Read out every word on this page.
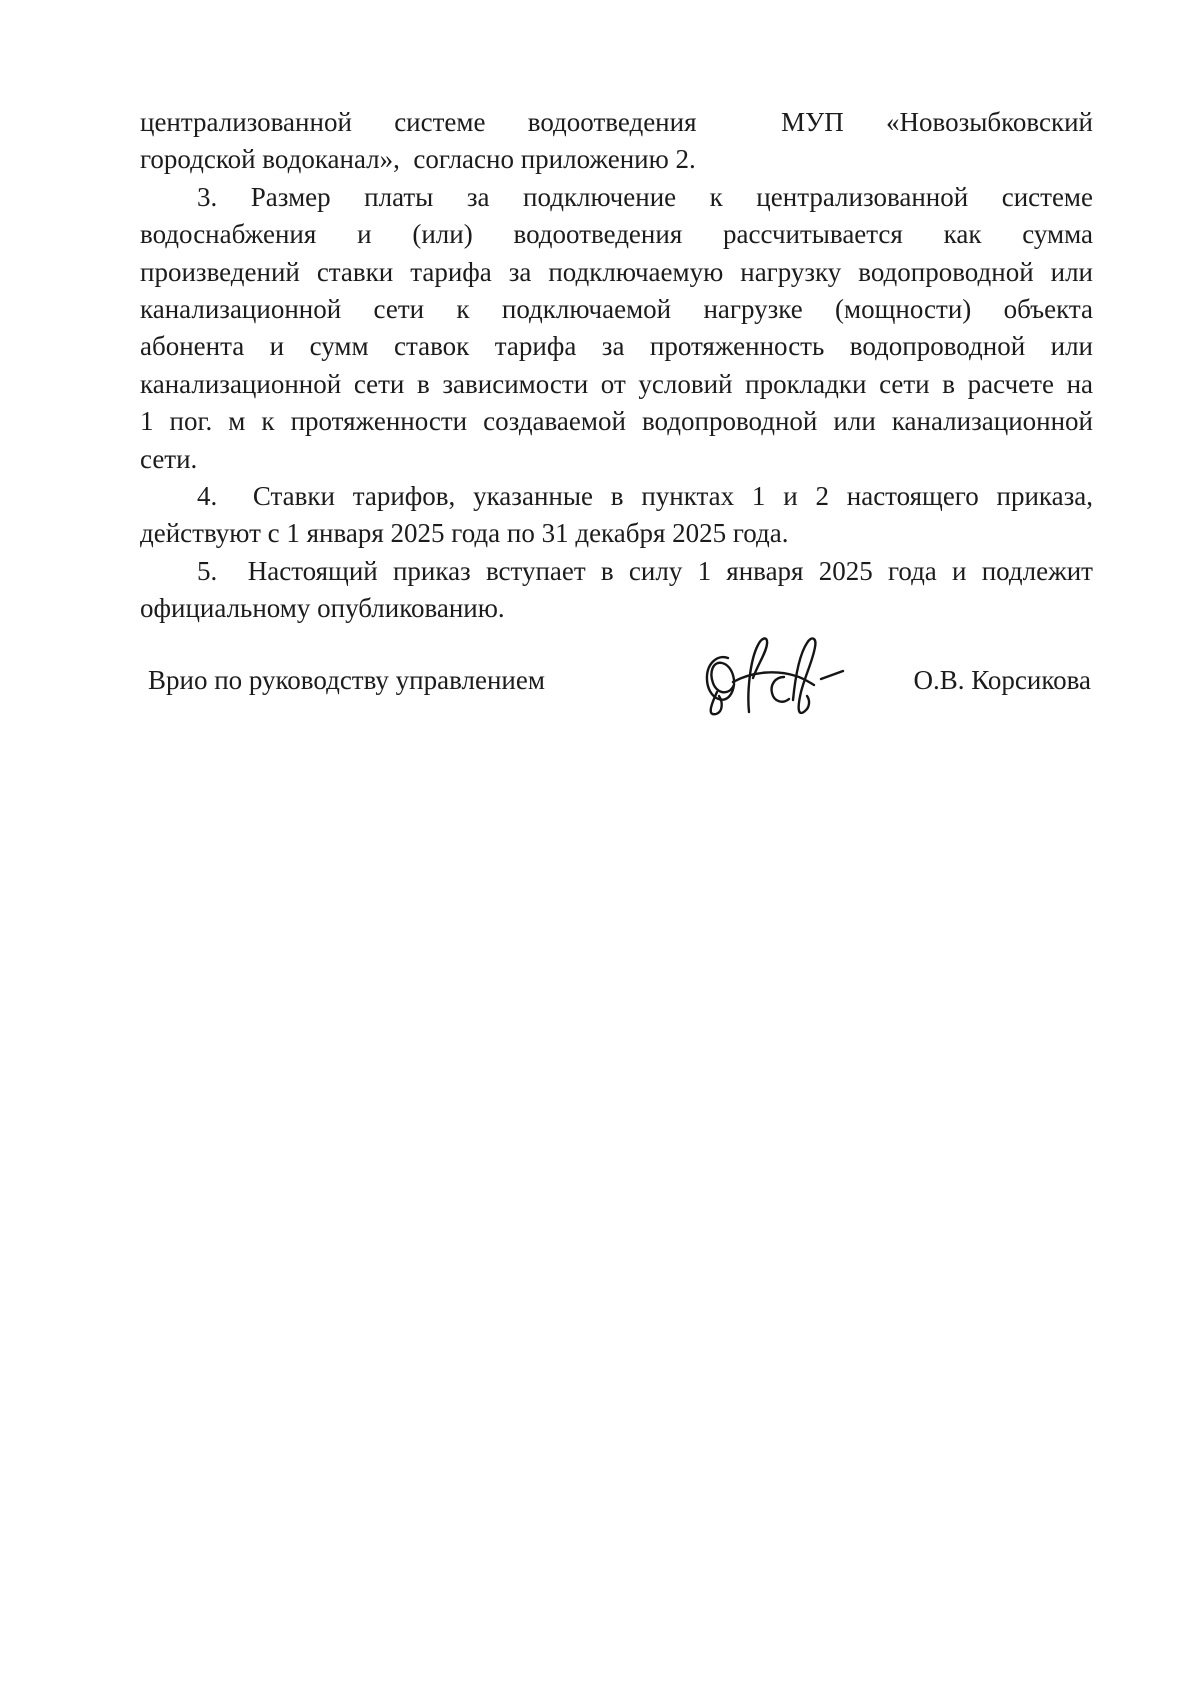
централизованной системе водоотведения  МУП «Новозыбковский
городской водоканал»,  согласно приложению 2.
3. Размер платы за подключение к централизованной системе
водоснабжения и (или) водоотведения рассчитывается как сумма
произведений ставки тарифа за подключаемую нагрузку водопроводной или
канализационной сети к подключаемой нагрузке (мощности) объекта
абонента и сумм ставок тарифа за протяженность водопроводной или
канализационной сети в зависимости от условий прокладки сети в расчете на
1 пог. м к протяженности создаваемой водопроводной или канализационной
сети.
4.  Ставки тарифов, указанные в пунктах 1 и 2 настоящего приказа,
действуют с 1 января 2025 года по 31 декабря 2025 года.
5.  Настоящий приказ вступает в силу 1 января 2025 года и подлежит
официальному опубликованию.
Врио по руководству управлением	О.В. Корсикова
